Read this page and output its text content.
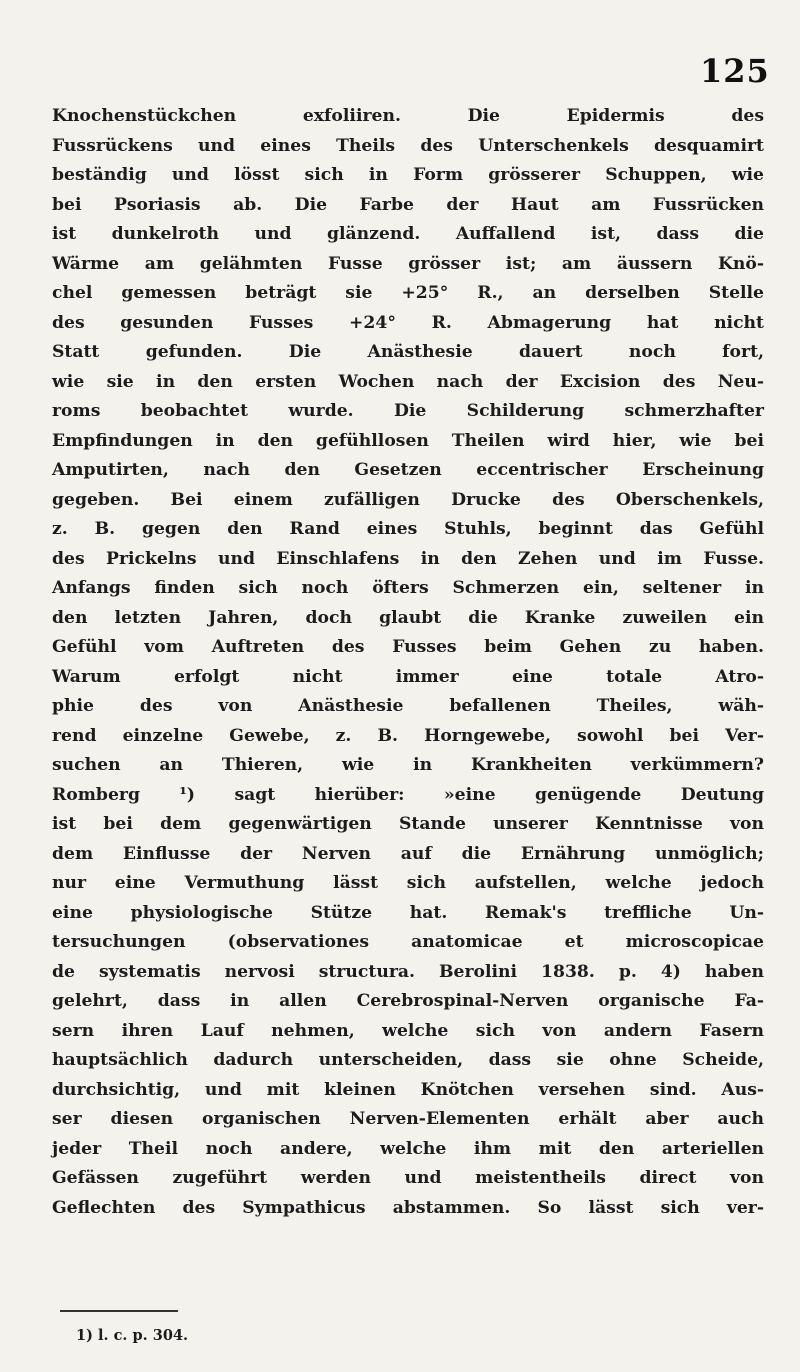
125
Knochenstückchen exfoliiren. Die Epidermis des
Fussrückens und eines Theils des Unterschenkels desquamirt
beständig und lösst sich in Form grösserer Schuppen, wie
bei Psoriasis ab. Die Farbe der Haut am Fussrücken
ist dunkelroth und glänzend. Auffallend ist, dass die
Wärme am gelähmten Fusse grösser ist; am äussern Knö-
chel gemessen beträgt sie +25° R., an derselben Stelle
des gesunden Fusses +24° R. Abmagerung hat nicht
Statt gefunden. Die Anästhesie dauert noch fort,
wie sie in den ersten Wochen nach der Excision des Neu-
roms beobachtet wurde. Die Schilderung schmerzhafter
Empfindungen in den gefühllosen Theilen wird hier, wie bei
Amputirten, nach den Gesetzen eccentrischer Erscheinung
gegeben. Bei einem zufälligen Drucke des Oberschenkels,
z. B. gegen den Rand eines Stuhls, beginnt das Gefühl
des Prickelns und Einschlafens in den Zehen und im Fusse.
Anfangs finden sich noch öfters Schmerzen ein, seltener in
den letzten Jahren, doch glaubt die Kranke zuweilen ein
Gefühl vom Auftreten des Fusses beim Gehen zu haben.
Warum erfolgt nicht immer eine totale Atro-
phie des von Anästhesie befallenen Theiles, wäh-
rend einzelne Gewebe, z. B. Horngewebe, sowohl bei Ver-
suchen an Thieren, wie in Krankheiten verkümmern?
Romberg ¹) sagt hierüber: »eine genügende Deutung
ist bei dem gegenwärtigen Stande unserer Kenntnisse von
dem Einflusse der Nerven auf die Ernährung unmöglich;
nur eine Vermuthung lässt sich aufstellen, welche jedoch
eine physiologische Stütze hat. Remak's treffliche Un-
tersuchungen (observationes anatomicae et microscopicae
de systematis nervosi structura. Berolini 1838. p. 4) haben
gelehrt, dass in allen Cerebrospinal-Nerven organische Fa-
sern ihren Lauf nehmen, welche sich von andern Fasern
hauptsächlich dadurch unterscheiden, dass sie ohne Scheide,
durchsichtig, und mit kleinen Knötchen versehen sind. Aus-
ser diesen organischen Nerven-Elementen erhält aber auch
jeder Theil noch andere, welche ihm mit den arteriellen
Gefässen zugeführt werden und meistentheils direct von
Geflechten des Sympathicus abstammen. So lässt sich ver-
1) l. c. p. 304.
